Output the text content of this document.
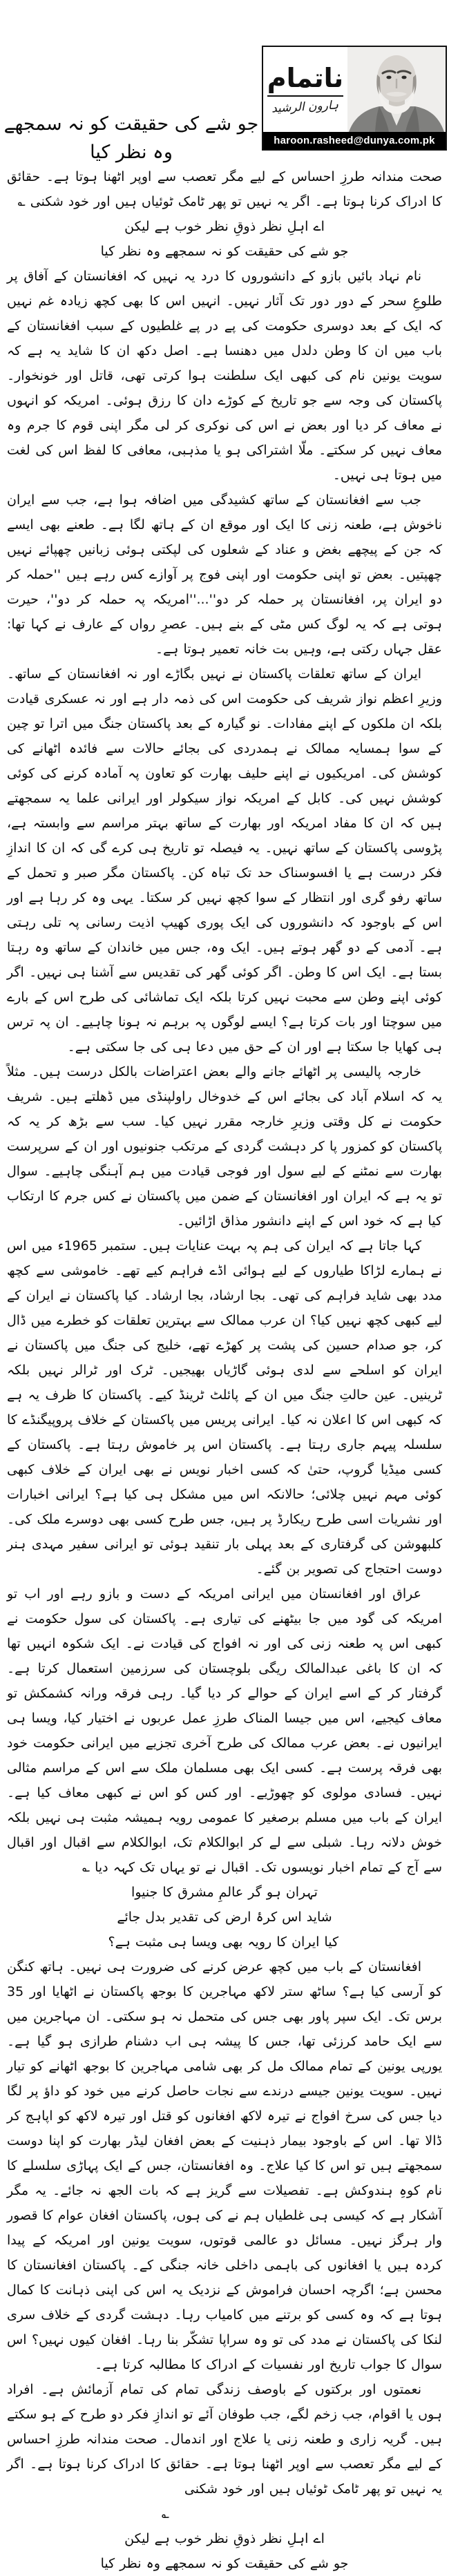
ناتمام
ہارون الرشید
haroon.rasheed@dunya.com.pk
جو شے کی حقیقت کو نہ سمجھے وہ نظر کیا

صحت مندانہ طرزِ احساس کے لیے مگر تعصب سے اوپر اٹھنا ہوتا ہے۔ حقائق کا ادراک کرنا ہوتا ہے۔ اگر یہ نہیں تو پھر ٹامک ٹوئیاں ہیں اور خود شکنی ؎

اے اہلِ نظر ذوقِ نظر خوب ہے لیکن
جو شے کی حقیقت کو نہ سمجھے وہ نظر کیا

نام نہاد بائیں بازو کے دانشوروں کا درد یہ نہیں کہ افغانستان کے آفاق پر طلوعِ سحر کے دور دور تک آثار نہیں۔ انہیں اس کا بھی کچھ زیادہ غم نہیں کہ ایک کے بعد دوسری حکومت کی پے در پے غلطیوں کے سبب افغانستان کے باب میں ان کا وطن دلدل میں دھنسا ہے۔ اصل دکھ ان کا شاید یہ ہے کہ سویت یونین نام کی کبھی ایک سلطنت ہوا کرتی تھی، قاتل اور خونخوار۔ پاکستان کی وجہ سے جو تاریخ کے کوڑے دان کا رزق ہوئی۔ امریکہ کو انہوں نے معاف کر دیا اور بعض نے اس کی نوکری کر لی مگر اپنی قوم کا جرم وہ معاف نہیں کر سکتے۔ ملّا اشتراکی ہو یا مذہبی، معافی کا لفظ اس کی لغت میں ہوتا ہی نہیں۔

جب سے افغانستان کے ساتھ کشیدگی میں اضافہ ہوا ہے، جب سے ایران ناخوش ہے، طعنہ زنی کا ایک اور موقع ان کے ہاتھ لگا ہے۔ طعنے بھی ایسے کہ جن کے پیچھے بغض و عناد کے شعلوں کی لپکتی ہوئی زبانیں چھپائے نہیں چھپتیں۔ بعض تو اپنی حکومت اور اپنی فوج پر آوازے کس رہے ہیں ''حملہ کر دو ایران پر، افغانستان پر حملہ کر دو''...''امریکہ پہ حملہ کر دو''، حیرت ہوتی ہے کہ یہ لوگ کس مٹی کے بنے ہیں۔ عصرِ رواں کے عارف نے کہا تھا: عقل جہاں رکتی ہے، وہیں بت خانہ تعمیر ہوتا ہے۔

ایران کے ساتھ تعلقات پاکستان نے نہیں بگاڑے اور نہ افغانستان کے ساتھ۔ وزیرِ اعظم نواز شریف کی حکومت اس کی ذمہ دار ہے اور نہ عسکری قیادت بلکہ ان ملکوں کے اپنے مفادات۔ نو گیارہ کے بعد پاکستان جنگ میں اترا تو چین کے سوا ہمسایہ ممالک نے ہمدردی کی بجائے حالات سے فائدہ اٹھانے کی کوشش کی۔ امریکیوں نے اپنے حلیف بھارت کو تعاون پہ آمادہ کرنے کی کوئی کوشش نہیں کی۔ کابل کے امریکہ نواز سیکولر اور ایرانی علما یہ سمجھتے ہیں کہ ان کا مفاد امریکہ اور بھارت کے ساتھ بہتر مراسم سے وابستہ ہے، پڑوسی پاکستان کے ساتھ نہیں۔ یہ فیصلہ تو تاریخ ہی کرے گی کہ ان کا اندازِ فکر درست ہے یا افسوسناک حد تک تباہ کن۔ پاکستان مگر صبر و تحمل کے ساتھ رفو گری اور انتظار کے سوا کچھ نہیں کر سکتا۔ یہی وہ کر رہا ہے اور اس کے باوجود کہ دانشوروں کی ایک پوری کھیپ اذیت رسانی پہ تلی رہتی ہے۔ آدمی کے دو گھر ہوتے ہیں۔ ایک وہ، جس میں خاندان کے ساتھ وہ رہتا بستا ہے۔ ایک اس کا وطن۔ اگر کوئی گھر کی تقدیس سے آشنا ہی نہیں۔ اگر کوئی اپنے وطن سے محبت نہیں کرتا بلکہ ایک تماشائی کی طرح اس کے بارے میں سوچتا اور بات کرتا ہے؟ ایسے لوگوں پہ برہم نہ ہونا چاہیے۔ ان پہ ترس ہی کھایا جا سکتا ہے اور ان کے حق میں دعا ہی کی جا سکتی ہے۔

خارجہ پالیسی پر اٹھائے جانے والے بعض اعتراضات بالکل درست ہیں۔ مثلاً یہ کہ اسلام آباد کی بجائے اس کے خدوخال راولپنڈی میں ڈھلتے ہیں۔ شریف حکومت نے کل وقتی وزیرِ خارجہ مقرر نہیں کیا۔ سب سے بڑھ کر یہ کہ پاکستان کو کمزور پا کر دہشت گردی کے مرتکب جنونیوں اور ان کے سرپرست بھارت سے نمٹنے کے لیے سول اور فوجی قیادت میں ہم آہنگی چاہیے۔ سوال تو یہ ہے کہ ایران اور افغانستان کے ضمن میں پاکستان نے کس جرم کا ارتکاب کیا ہے کہ خود اس کے اپنے دانشور مذاق اڑائیں۔

کہا جاتا ہے کہ ایران کی ہم پہ بہت عنایات ہیں۔ ستمبر 1965ء میں اس نے ہمارے لڑاکا طیاروں کے لیے ہوائی اڈے فراہم کیے تھے۔ خاموشی سے کچھ مدد بھی شاید فراہم کی تھی۔ بجا ارشاد، بجا ارشاد۔ کیا پاکستان نے ایران کے لیے کبھی کچھ نہیں کیا؟ ان عرب ممالک سے بہترین تعلقات کو خطرے میں ڈال کر، جو صدام حسین کی پشت پر کھڑے تھے، خلیج کی جنگ میں پاکستان نے ایران کو اسلحے سے لدی ہوئی گاڑیاں بھیجیں۔ ٹرک اور ٹرالر نہیں بلکہ ٹرینیں۔ عین حالتِ جنگ میں ان کے پائلٹ ٹرینڈ کیے۔ پاکستان کا ظرف یہ ہے کہ کبھی اس کا اعلان نہ کیا۔ ایرانی پریس میں پاکستان کے خلاف پروپیگنڈے کا سلسلہ پیہم جاری رہتا ہے۔ پاکستان اس پر خاموش رہتا ہے۔ پاکستان کے کسی میڈیا گروپ، حتیٰ کہ کسی اخبار نویس نے بھی ایران کے خلاف کبھی کوئی مہم نہیں چلائی؛ حالانکہ اس میں مشکل ہی کیا ہے؟ ایرانی اخبارات اور نشریات اسی طرح ریکارڈ پر ہیں، جس طرح کسی بھی دوسرے ملک کی۔ کلبھوشن کی گرفتاری کے بعد پہلی بار تنقید ہوئی تو ایرانی سفیر مہدی ہنر دوست احتجاج کی تصویر بن گئے۔

عراق اور افغانستان میں ایرانی امریکہ کے دست و بازو رہے اور اب تو امریکہ کی گود میں جا بیٹھنے کی تیاری ہے۔ پاکستان کی سول حکومت نے کبھی اس پہ طعنہ زنی کی اور نہ افواج کی قیادت نے۔ ایک شکوہ انہیں تھا کہ ان کا باغی عبدالمالک ریگی بلوچستان کی سرزمین استعمال کرتا ہے۔ گرفتار کر کے اسے ایران کے حوالے کر دیا گیا۔ رہی فرقہ ورانہ کشمکش تو معاف کیجیے، اس میں جیسا المناک طرزِ عمل عربوں نے اختیار کیا، ویسا ہی ایرانیوں نے۔ بعض عرب ممالک کی طرح آخری تجزیے میں ایرانی حکومت خود بھی فرقہ پرست ہے۔ کسی ایک بھی مسلمان ملک سے اس کے مراسم مثالی نہیں۔ فسادی مولوی کو چھوڑیے۔ اور کس کو اس نے کبھی معاف کیا ہے۔ ایران کے باب میں مسلم برصغیر کا عمومی رویہ ہمیشہ مثبت ہی نہیں بلکہ خوش دلانہ رہا۔ شبلی سے لے کر ابوالکلام تک، ابوالکلام سے اقبال اور اقبال سے آج کے تمام اخبار نویسوں تک۔ اقبال نے تو یہاں تک کہہ دیا ؎

تہران ہو گر عالمِ مشرق کا جنیوا
شاید اس کرۂ ارض کی تقدیر بدل جائے

کیا ایران کا رویہ بھی ویسا ہی مثبت ہے؟

افغانستان کے باب میں کچھ عرض کرنے کی ضرورت ہی نہیں۔ ہاتھ کنگن کو آرسی کیا ہے؟ ساٹھ ستر لاکھ مہاجرین کا بوجھ پاکستان نے اٹھایا اور 35 برس تک۔ ایک سپر پاور بھی جس کی متحمل نہ ہو سکتی۔ ان مہاجرین میں سے ایک حامد کرزئی تھا، جس کا پیشہ ہی اب دشنام طرازی ہو گیا ہے۔ یورپی یونین کے تمام ممالک مل کر بھی شامی مہاجرین کا بوجھ اٹھانے کو تیار نہیں۔ سویت یونین جیسے درندے سے نجات حاصل کرنے میں خود کو داؤ پر لگا دیا جس کی سرخ افواج نے تیرہ لاکھ افغانوں کو قتل اور تیرہ لاکھ کو اپاہج کر ڈالا تھا۔ اس کے باوجود بیمار ذہنیت کے بعض افغان لیڈر بھارت کو اپنا دوست سمجھتے ہیں تو اس کا کیا علاج۔ وہ افغانستان، جس کے ایک پہاڑی سلسلے کا نام کوہِ ہندوکش ہے۔ تفصیلات سے گریز ہے کہ بات الجھ نہ جائے۔ یہ مگر آشکار ہے کہ کیسی ہی غلطیاں ہم نے کی ہوں، پاکستان افغان عوام کا قصور وار ہرگز نہیں۔ مسائل دو عالمی قوتوں، سویت یونین اور امریکہ کے پیدا کردہ ہیں یا افغانوں کی باہمی داخلی خانہ جنگی کے۔ پاکستان افغانستان کا محسن ہے؛ اگرچہ احسان فراموش کے نزدیک یہ اس کی اپنی ذہانت کا کمال ہوتا ہے کہ وہ کسی کو برتنے میں کامیاب رہا۔ دہشت گردی کے خلاف سری لنکا کی پاکستان نے مدد کی تو وہ سراپا تشکّر بنا رہا۔ افغان کیوں نہیں؟ اس سوال کا جواب تاریخ اور نفسیات کے ادراک کا مطالبہ کرتا ہے۔

نعمتوں اور برکتوں کے باوصف زندگی تمام کی تمام آزمائش ہے۔ افراد ہوں یا اقوام، جب زخم لگے، جب طوفان آئے تو اندازِ فکر دو طرح کے ہو سکتے ہیں۔ گریہ زاری و طعنہ زنی یا علاج اور اندمال۔ صحت مندانہ طرزِ احساس کے لیے مگر تعصب سے اوپر اٹھنا ہوتا ہے۔ حقائق کا ادراک کرنا ہوتا ہے۔ اگر یہ نہیں تو پھر ٹامک ٹوئیاں ہیں اور خود شکنی

؎

اے اہلِ نظر ذوقِ نظر خوب ہے لیکن
جو شے کی حقیقت کو نہ سمجھے وہ نظر کیا
